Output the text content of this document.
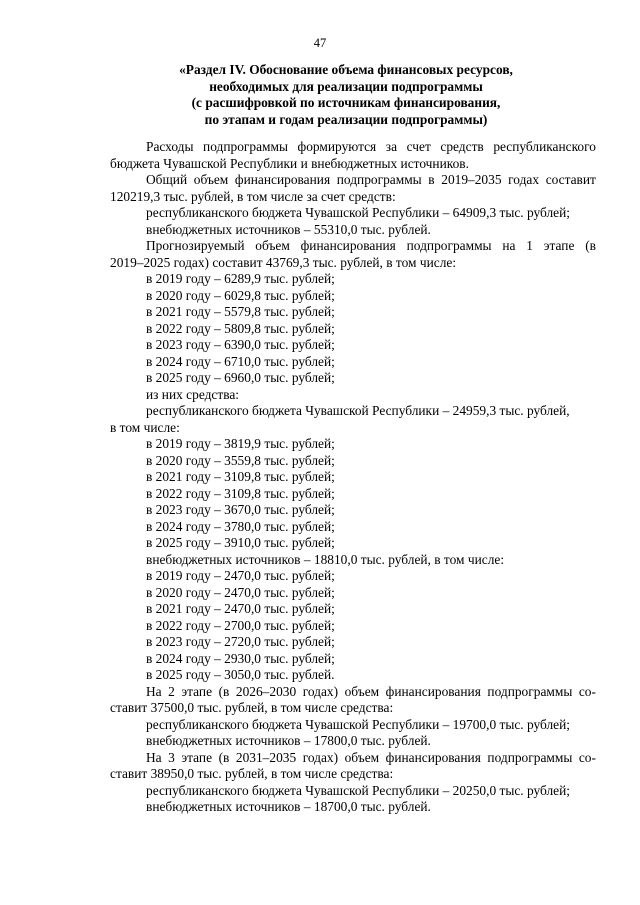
47
«Раздел IV. Обоснование объема финансовых ресурсов,
необходимых для реализации подпрограммы
(с расшифровкой по источникам финансирования,
по этапам и годам реализации подпрограммы)
Расходы подпрограммы формируются за счет средств республиканского
бюджета Чувашской Республики и внебюджетных источников.
Общий объем финансирования подпрограммы в 2019–2035 годах составит
120219,3 тыс. рублей, в том числе за счет средств:
республиканского бюджета Чувашской Республики – 64909,3 тыс. рублей;
внебюджетных источников – 55310,0 тыс. рублей.
Прогнозируемый объем финансирования подпрограммы на 1 этапе (в
2019–2025 годах) составит 43769,3 тыс. рублей, в том числе:
в 2019 году – 6289,9 тыс. рублей;
в 2020 году – 6029,8 тыс. рублей;
в 2021 году – 5579,8 тыс. рублей;
в 2022 году – 5809,8 тыс. рублей;
в 2023 году – 6390,0 тыс. рублей;
в 2024 году – 6710,0 тыс. рублей;
в 2025 году – 6960,0 тыс. рублей;
из них средства:
республиканского бюджета Чувашской Республики – 24959,3 тыс. рублей,
в том числе:
в 2019 году – 3819,9 тыс. рублей;
в 2020 году – 3559,8 тыс. рублей;
в 2021 году – 3109,8 тыс. рублей;
в 2022 году – 3109,8 тыс. рублей;
в 2023 году – 3670,0 тыс. рублей;
в 2024 году – 3780,0 тыс. рублей;
в 2025 году – 3910,0 тыс. рублей;
внебюджетных источников – 18810,0 тыс. рублей, в том числе:
в 2019 году – 2470,0 тыс. рублей;
в 2020 году – 2470,0 тыс. рублей;
в 2021 году – 2470,0 тыс. рублей;
в 2022 году – 2700,0 тыс. рублей;
в 2023 году – 2720,0 тыс. рублей;
в 2024 году – 2930,0 тыс. рублей;
в 2025 году – 3050,0 тыс. рублей.
На 2 этапе (в 2026–2030 годах) объем финансирования подпрограммы со-
ставит 37500,0 тыс. рублей, в том числе средства:
республиканского бюджета Чувашской Республики – 19700,0 тыс. рублей;
внебюджетных источников – 17800,0 тыс. рублей.
На 3 этапе (в 2031–2035 годах) объем финансирования подпрограммы со-
ставит 38950,0 тыс. рублей, в том числе средства:
республиканского бюджета Чувашской Республики – 20250,0 тыс. рублей;
внебюджетных источников – 18700,0 тыс. рублей.
